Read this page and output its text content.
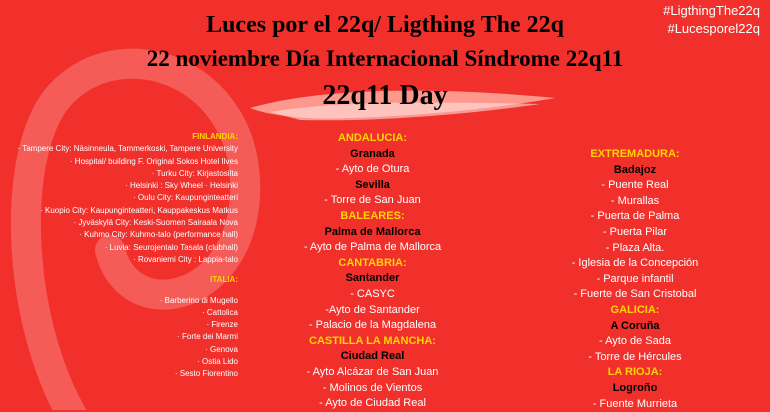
Luces por el 22q/ Ligthing The 22q
22 noviembre Día Internacional Síndrome 22q11
22q11 Day
#LigthingThe22q
#Lucesporel22q
FINLANDIA:
· Tampere City: Näsinneula, Tammerkoski, Tampere University
· Hospital/ building F. Original Sokos Hotel Ilves
· Turku City: Kirjastosilta
· Helsinki : Sky Wheel · Helsinki
· Oulu City: Kaupunginteatteri
· Kuopio City: Kaupunginteatteri, Kauppakeskus Matkus
· Jyväskylä City: Keski-Suomen Sairaala Nova
· Kuhmo City: Kuhmo-talo (performance hall)
· Luvia: Seurojentalo Tasala (clubhall)
· Rovaniemi City : Lappia-talo
ITALIA:
· Barberino di Mugello
· Cattolica
· Firenze
· Forte dei Marmi
· Genova
· Ostia Lido
· Sesto Fiorentino
ANDALUCIA:
Granada
- Ayto de Otura
Sevilla
- Torre de San Juan
BALEARES:
Palma de Mallorca
- Ayto de Palma de Mallorca
CANTABRIA:
Santander
- CASYC
-Ayto de Santander
- Palacio de la Magdalena
CASTILLA LA MANCHA:
Ciudad Real
- Ayto Alcázar de San Juan
- Molinos de Vientos
- Ayto de Ciudad Real
EXTREMADURA:
Badajoz
- Puente Real
- Murallas
- Puerta de Palma
- Puerta Pilar
- Plaza Alta.
- Iglesia de la Concepción
- Parque infantil
- Fuerte de San Cristobal
GALICIA:
A Coruña
- Ayto de Sada
- Torre de Hércules
LA RIOJA:
Logroño
- Fuente Murrieta
